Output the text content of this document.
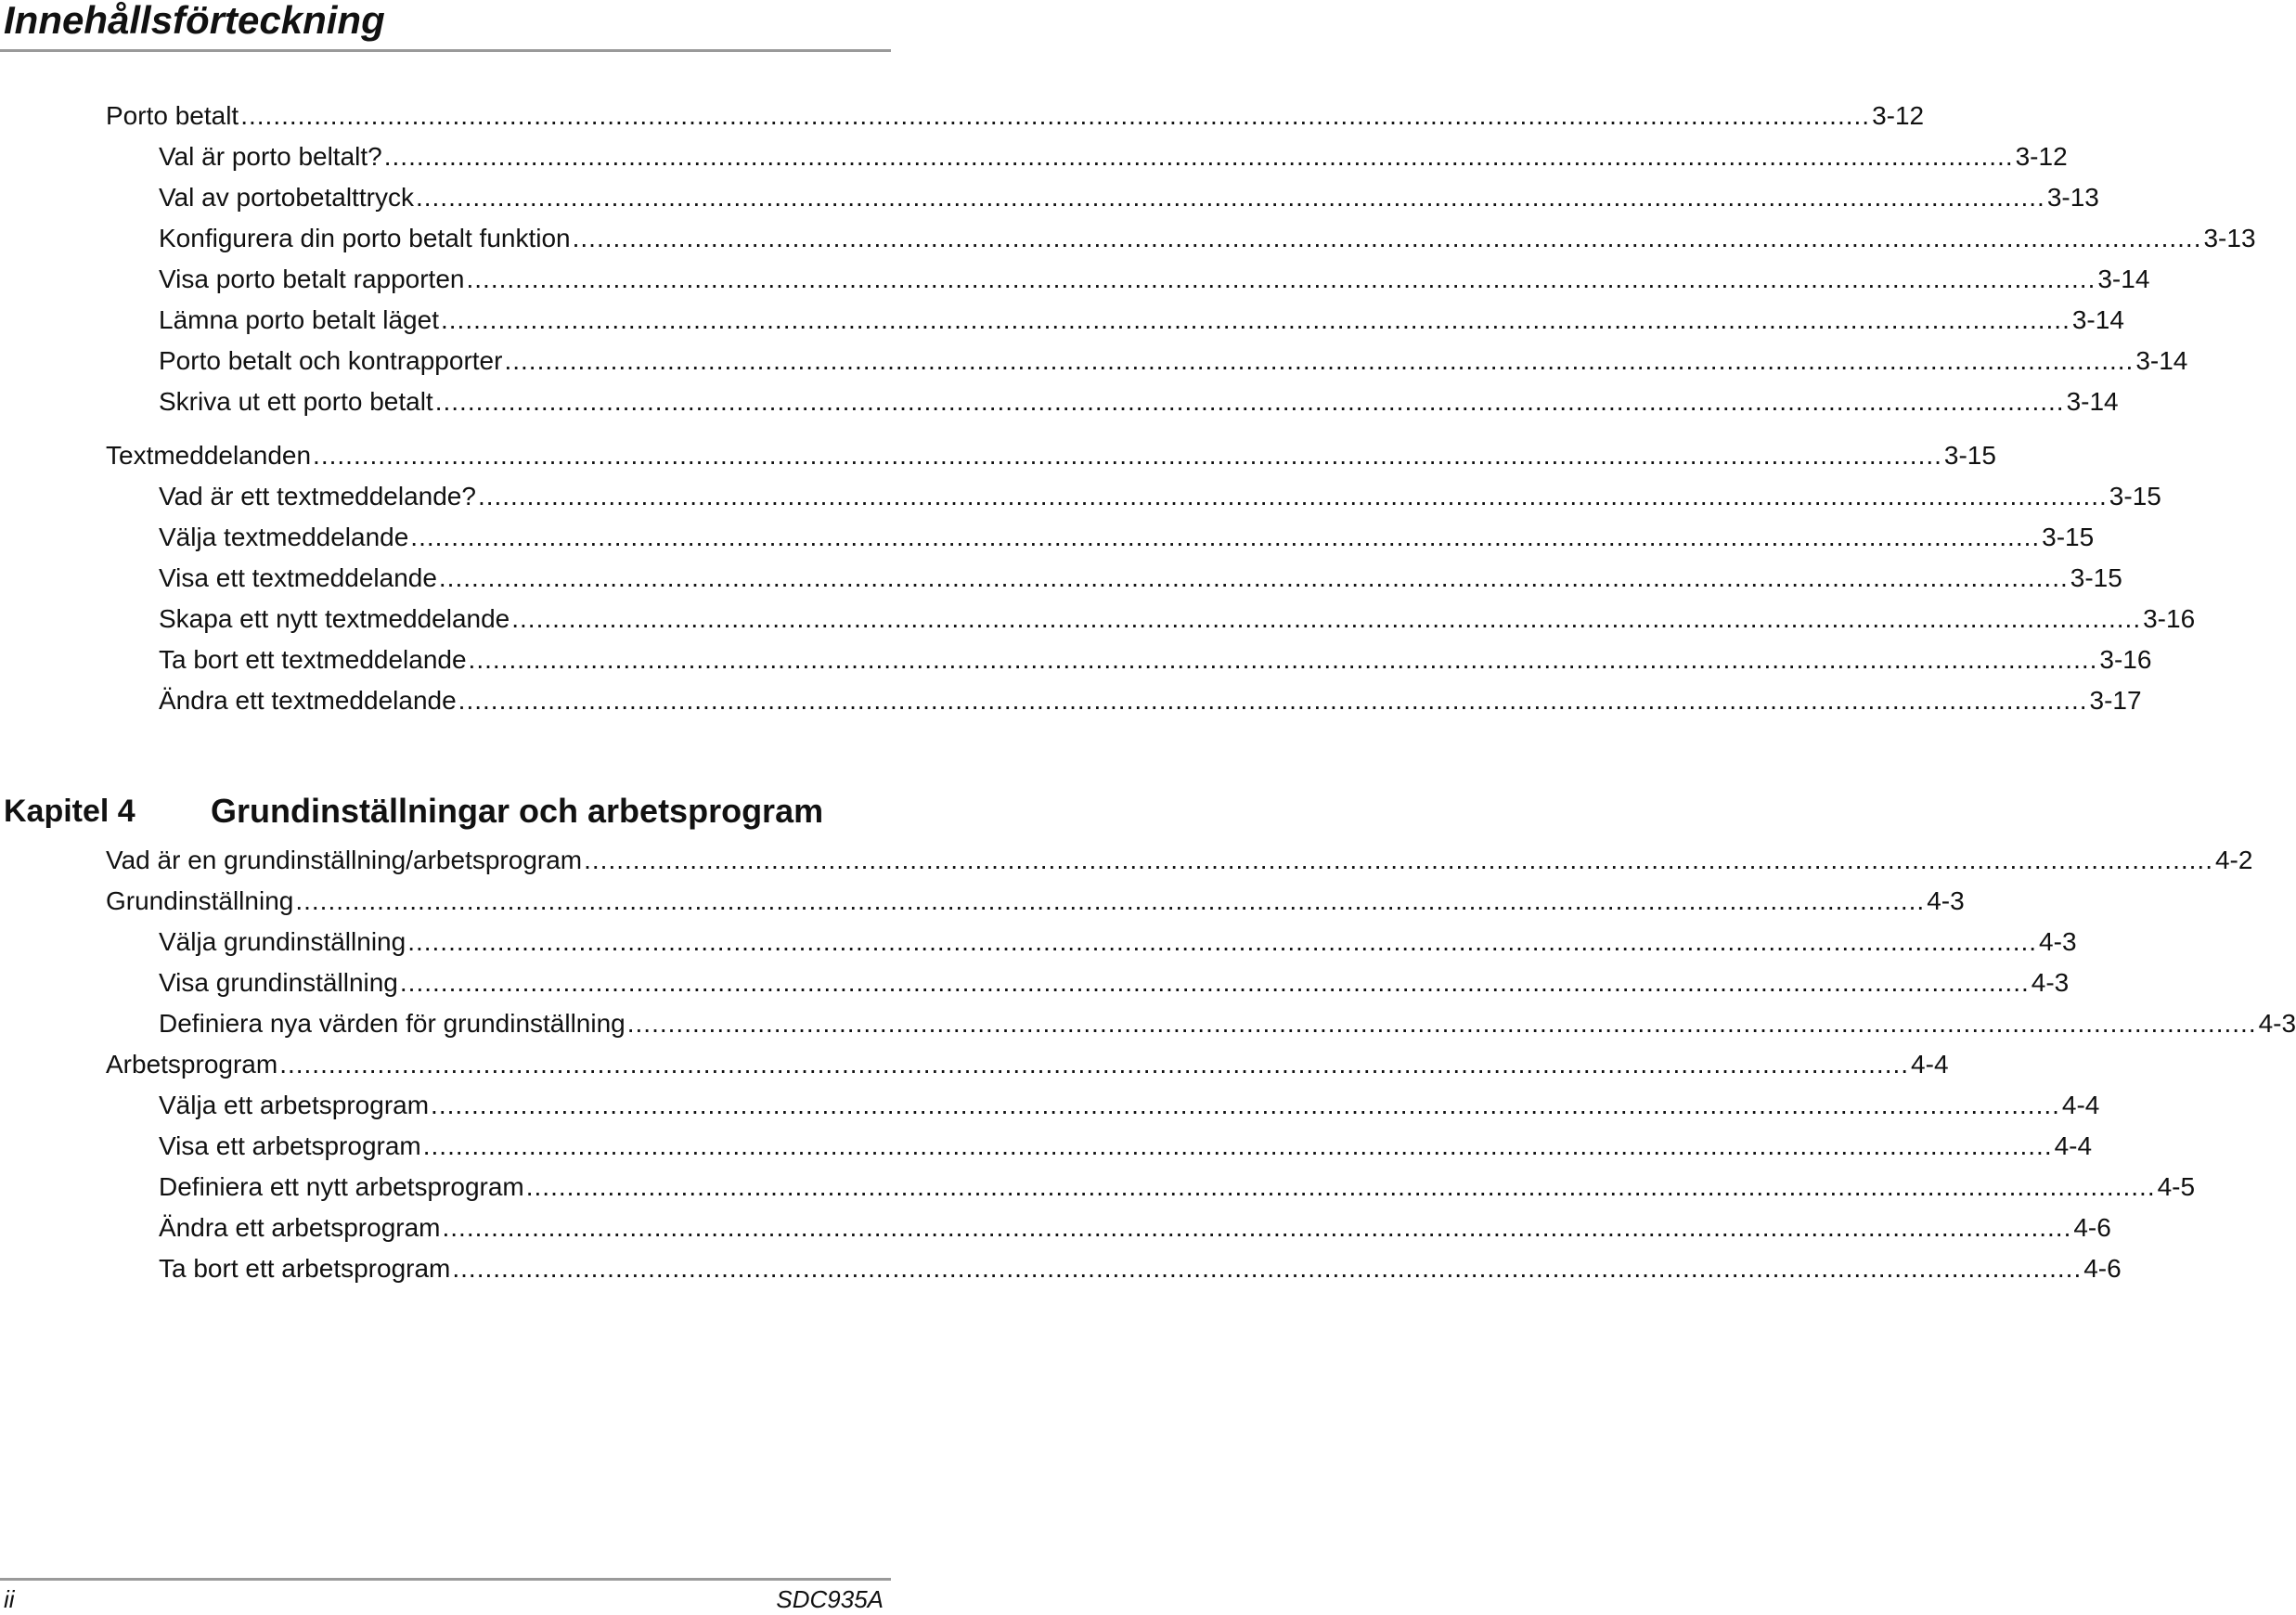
Innehållsförteckning
Porto betalt ........................................................................................................................................................................................................ 3-12
Val är porto beltalt? ........................................................................................................................................................................................................ 3-12
Val av portobetalttryck ........................................................................................................................................................................................................ 3-13
Konfigurera din porto betalt funktion ........................................................................................................................................................................................................ 3-13
Visa porto betalt rapporten ........................................................................................................................................................................................................ 3-14
Lämna porto betalt läget ........................................................................................................................................................................................................ 3-14
Porto betalt och kontrapporter ........................................................................................................................................................................................................ 3-14
Skriva ut ett porto betalt ........................................................................................................................................................................................................ 3-14
Textmeddelanden ........................................................................................................................................................................................................ 3-15
Vad är ett textmeddelande? ........................................................................................................................................................................................................ 3-15
Välja textmeddelande ........................................................................................................................................................................................................ 3-15
Visa ett textmeddelande ........................................................................................................................................................................................................ 3-15
Skapa ett nytt textmeddelande ........................................................................................................................................................................................................ 3-16
Ta bort ett textmeddelande ........................................................................................................................................................................................................ 3-16
Ändra ett textmeddelande ........................................................................................................................................................................................................ 3-17
Vad är en grundinställning/arbetsprogram ........................................................................................................................................................................................................ 4-2
Grundinställning ........................................................................................................................................................................................................ 4-3
Välja grundinställning ........................................................................................................................................................................................................ 4-3
Visa grundinställning ........................................................................................................................................................................................................ 4-3
Definiera nya värden för grundinställning ........................................................................................................................................................................................................ 4-3
Arbetsprogram ........................................................................................................................................................................................................ 4-4
Välja ett arbetsprogram ........................................................................................................................................................................................................ 4-4
Visa ett arbetsprogram ........................................................................................................................................................................................................ 4-4
Definiera ett nytt arbetsprogram ........................................................................................................................................................................................................ 4-5
Ändra ett arbetsprogram ........................................................................................................................................................................................................ 4-6
Ta bort ett arbetsprogram ........................................................................................................................................................................................................ 4-6
Kapitel 4 Grundinställningar och arbetsprogram
ii	SDC935A
